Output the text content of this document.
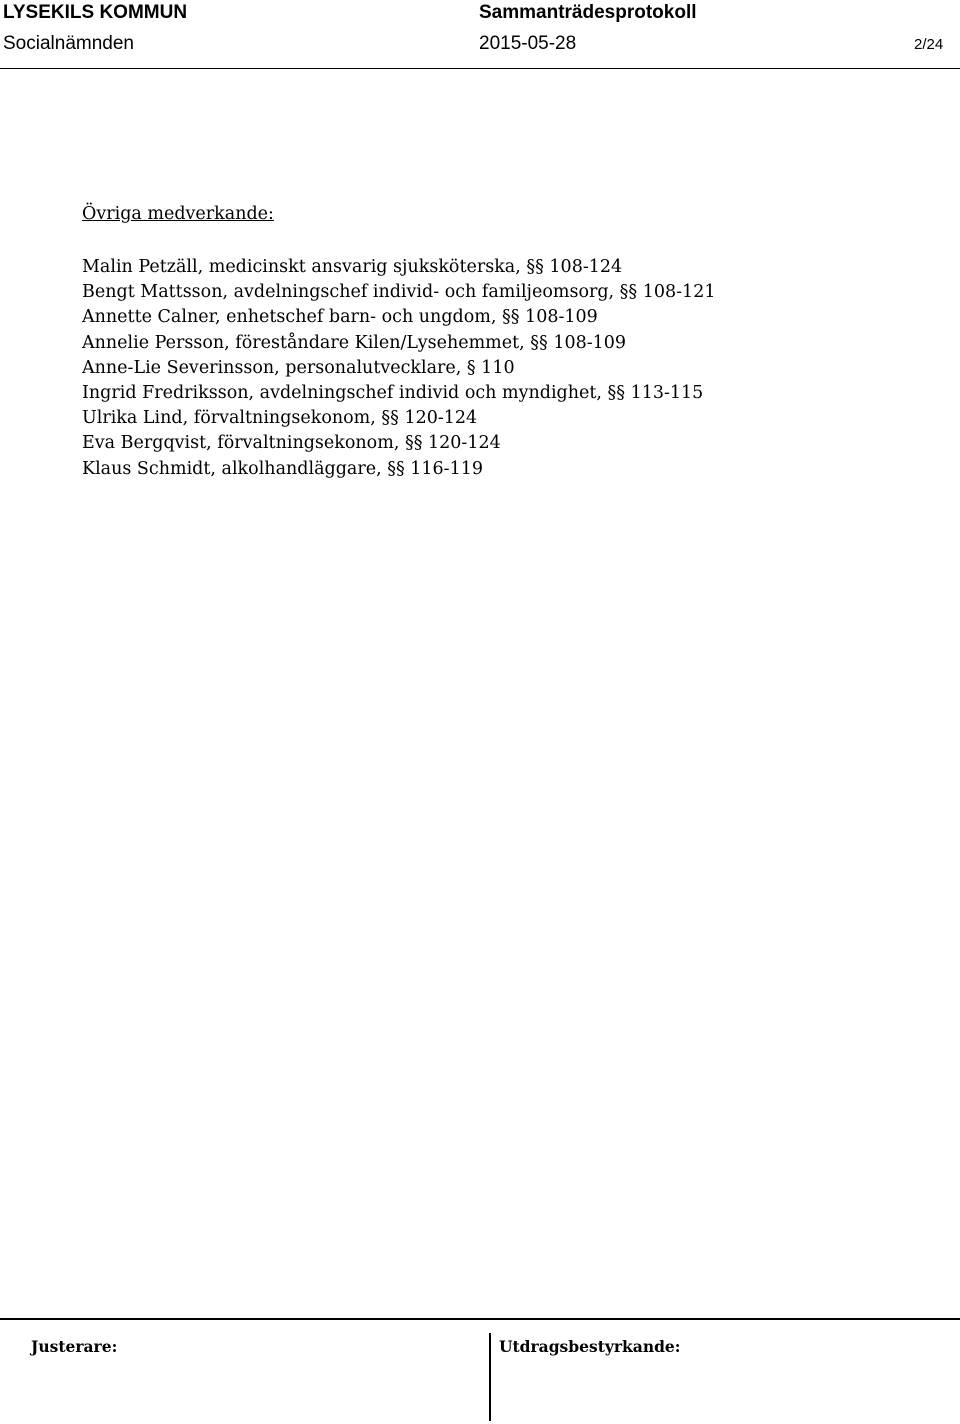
LYSEKILS KOMMUN	Sammanträdesprotokoll
Socialnämnden	2015-05-28	2/24
Övriga medverkande:
Malin Petzäll, medicinskt ansvarig sjuksköterska, §§ 108-124
Bengt Mattsson, avdelningschef individ- och familjeomsorg, §§ 108-121
Annette Calner, enhetschef barn- och ungdom, §§ 108-109
Annelie Persson, föreståndare Kilen/Lysehemmet, §§ 108-109
Anne-Lie Severinsson, personalutvecklare, § 110
Ingrid Fredriksson, avdelningschef individ och myndighet, §§ 113-115
Ulrika Lind, förvaltningsekonom, §§ 120-124
Eva Bergqvist, förvaltningsekonom, §§ 120-124
Klaus Schmidt, alkolhandläggare, §§ 116-119
Justerare:	Utdragsbestyrkande:
